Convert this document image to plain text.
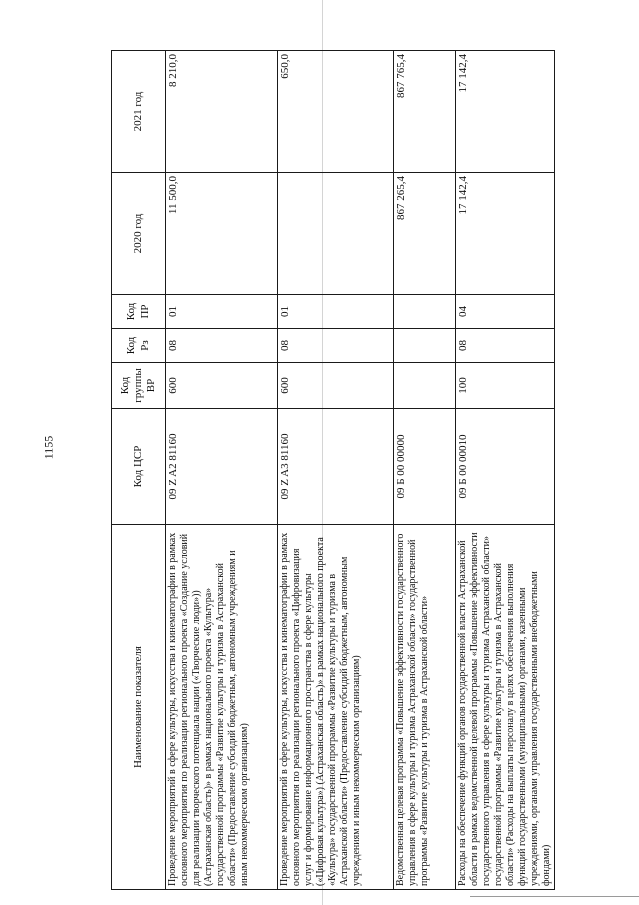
1155
Наименование показателя	Код ЦСР	Код группы ВР	Код Рз	Код ПР	2020 год	2021 год
Проведение мероприятий в сфере культуры, искусства и кинематографии в рамках основного мероприятия по реализации регионального проекта «Создание условий для реализации творческого потенциала нации («Творческие люди»)) (Астраханская область)» в рамках национального проекта «Культура» государственной программы «Развитие культуры и туризма в Астраханской области» (Предоставление субсидий бюджетным, автономным учреждениям и иным некоммерческим организациям)	09 Z A2 81160	600	08	01	11 500,0	8 210,0
Проведение мероприятий в сфере культуры, искусства и кинематографии в рамках основного мероприятия по реализации регионального проекта «Цифровизация услуг и формирование информационного пространства в сфере культуры («Цифровая культура») (Астраханская область)» в рамках национального проекта «Культура» государственной программы «Развитие культуры и туризма в Астраханской области» (Предоставление субсидий бюджетным, автономным учреждениям и иным некоммерческим организациям)	09 Z A3 81160	600	08	01		650,0
Ведомственная целевая программа «Повышение эффективности государственного управления в сфере культуры и туризма Астраханской области» государственной программы «Развитие культуры и туризма в Астраханской области»	09 Б 00 00000				867 265,4	867 765,4
Расходы на обеспечение функций органов государственной власти Астраханской области в рамках ведомственной целевой программы «Повышение эффективности государственного управления в сфере культуры и туризма Астраханской области» государственной программы «Развитие культуры и туризма в Астраханской области» (Расходы на выплаты персоналу в целях обеспечения выполнения функций государственными (муниципальными) органами, казенными учреждениями, органами управления государственными внебюджетными фондами)	09 Б 00 00010	100	08	04	17 142,4	17 142,4
